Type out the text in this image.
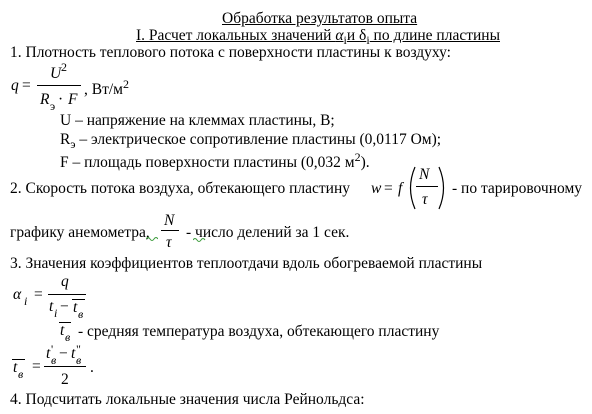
Обработка результатов опыта
I. Расчет локальных значений $\alpha_iи$ $\delta_i$ по длине пластины
1. Плотность теплового потока с поверхности пластины к воздуху:
q =
U 2
R э · F
, $Вт/м^2$
U – напряжение на клеммах пластины, В;
$R_э$ – электрическое сопротивление пластины (0,0117 Ом);
F – площадь поверхности пластины (0,032 $м^2$).
2. Скорость потока воздуха, обтекающего пластину w = f
N
τ
- по тарировочному
графику анемометра,
N
τ
- число делений за 1 сек.
3. Значения коэффициентов теплоотдачи вдоль обогреваемой пластины
α i =
q
t i − t в
t в - средняя температура воздуха, обтекающего пластину
t в =
t '
в − t "
в
2
.
4. Подсчитать локальные значения числа Рейнольдса:
